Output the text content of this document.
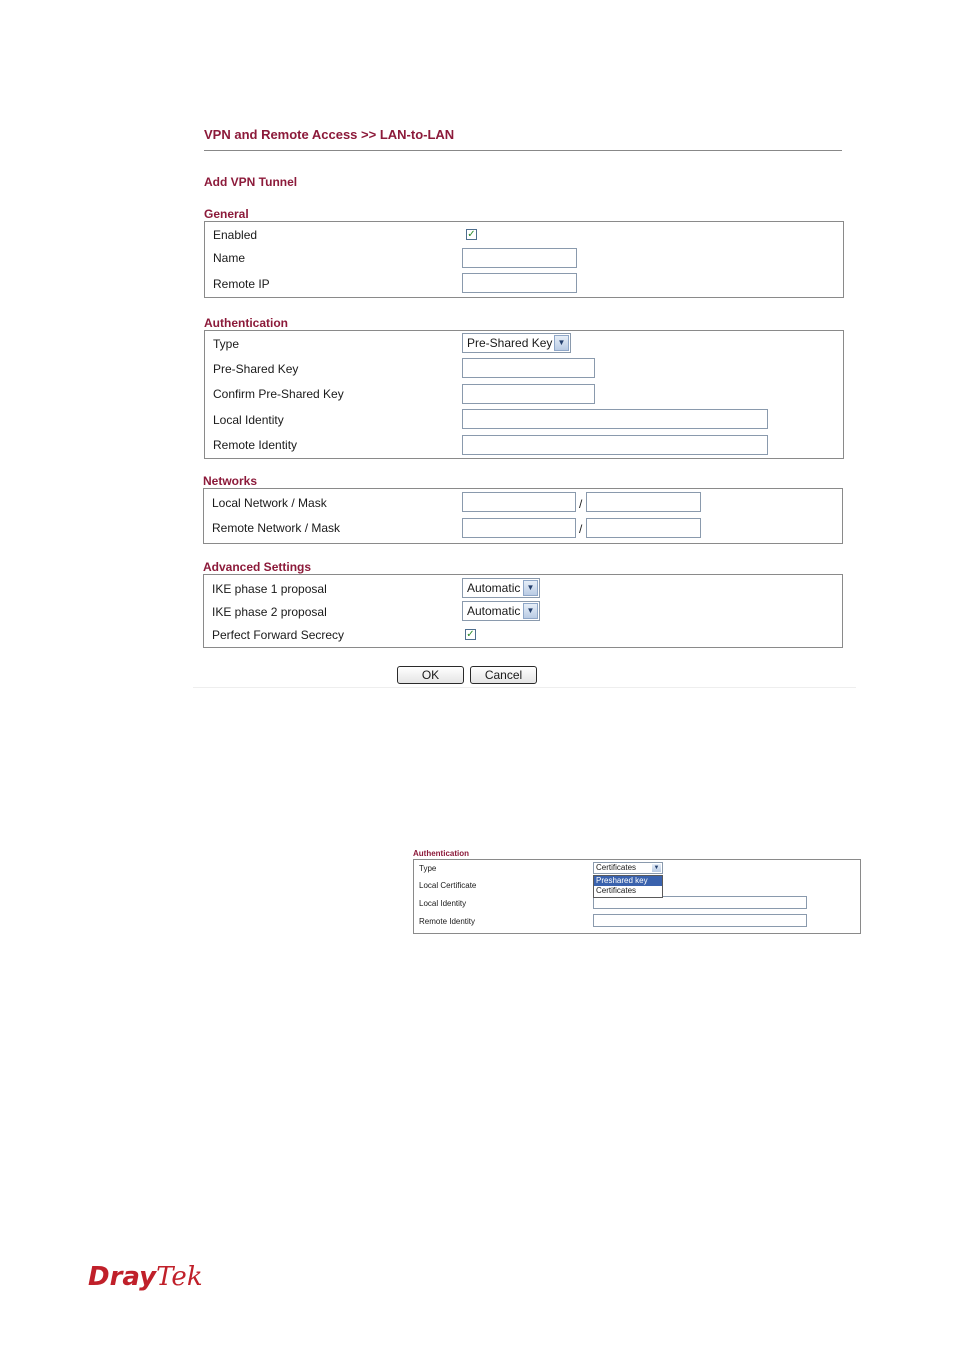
VPN and Remote Access >> LAN-to-LAN
Add VPN Tunnel
General
Enabled	✓
Name
Remote IP
Authentication
Type	Pre-Shared Key ▼
Pre-Shared Key
Confirm Pre-Shared Key
Local Identity
Remote Identity
Networks
Local Network / Mask	/
Remote Network / Mask	/
Advanced Settings
IKE phase 1 proposal	Automatic ▼
IKE phase 2 proposal	Automatic ▼
Perfect Forward Secrecy	✓
OK	Cancel
Authentication
Type	Certificates	▼
Local Certificate
Local Identity
Remote Identity
Preshared key
Certificates
DrayTek
